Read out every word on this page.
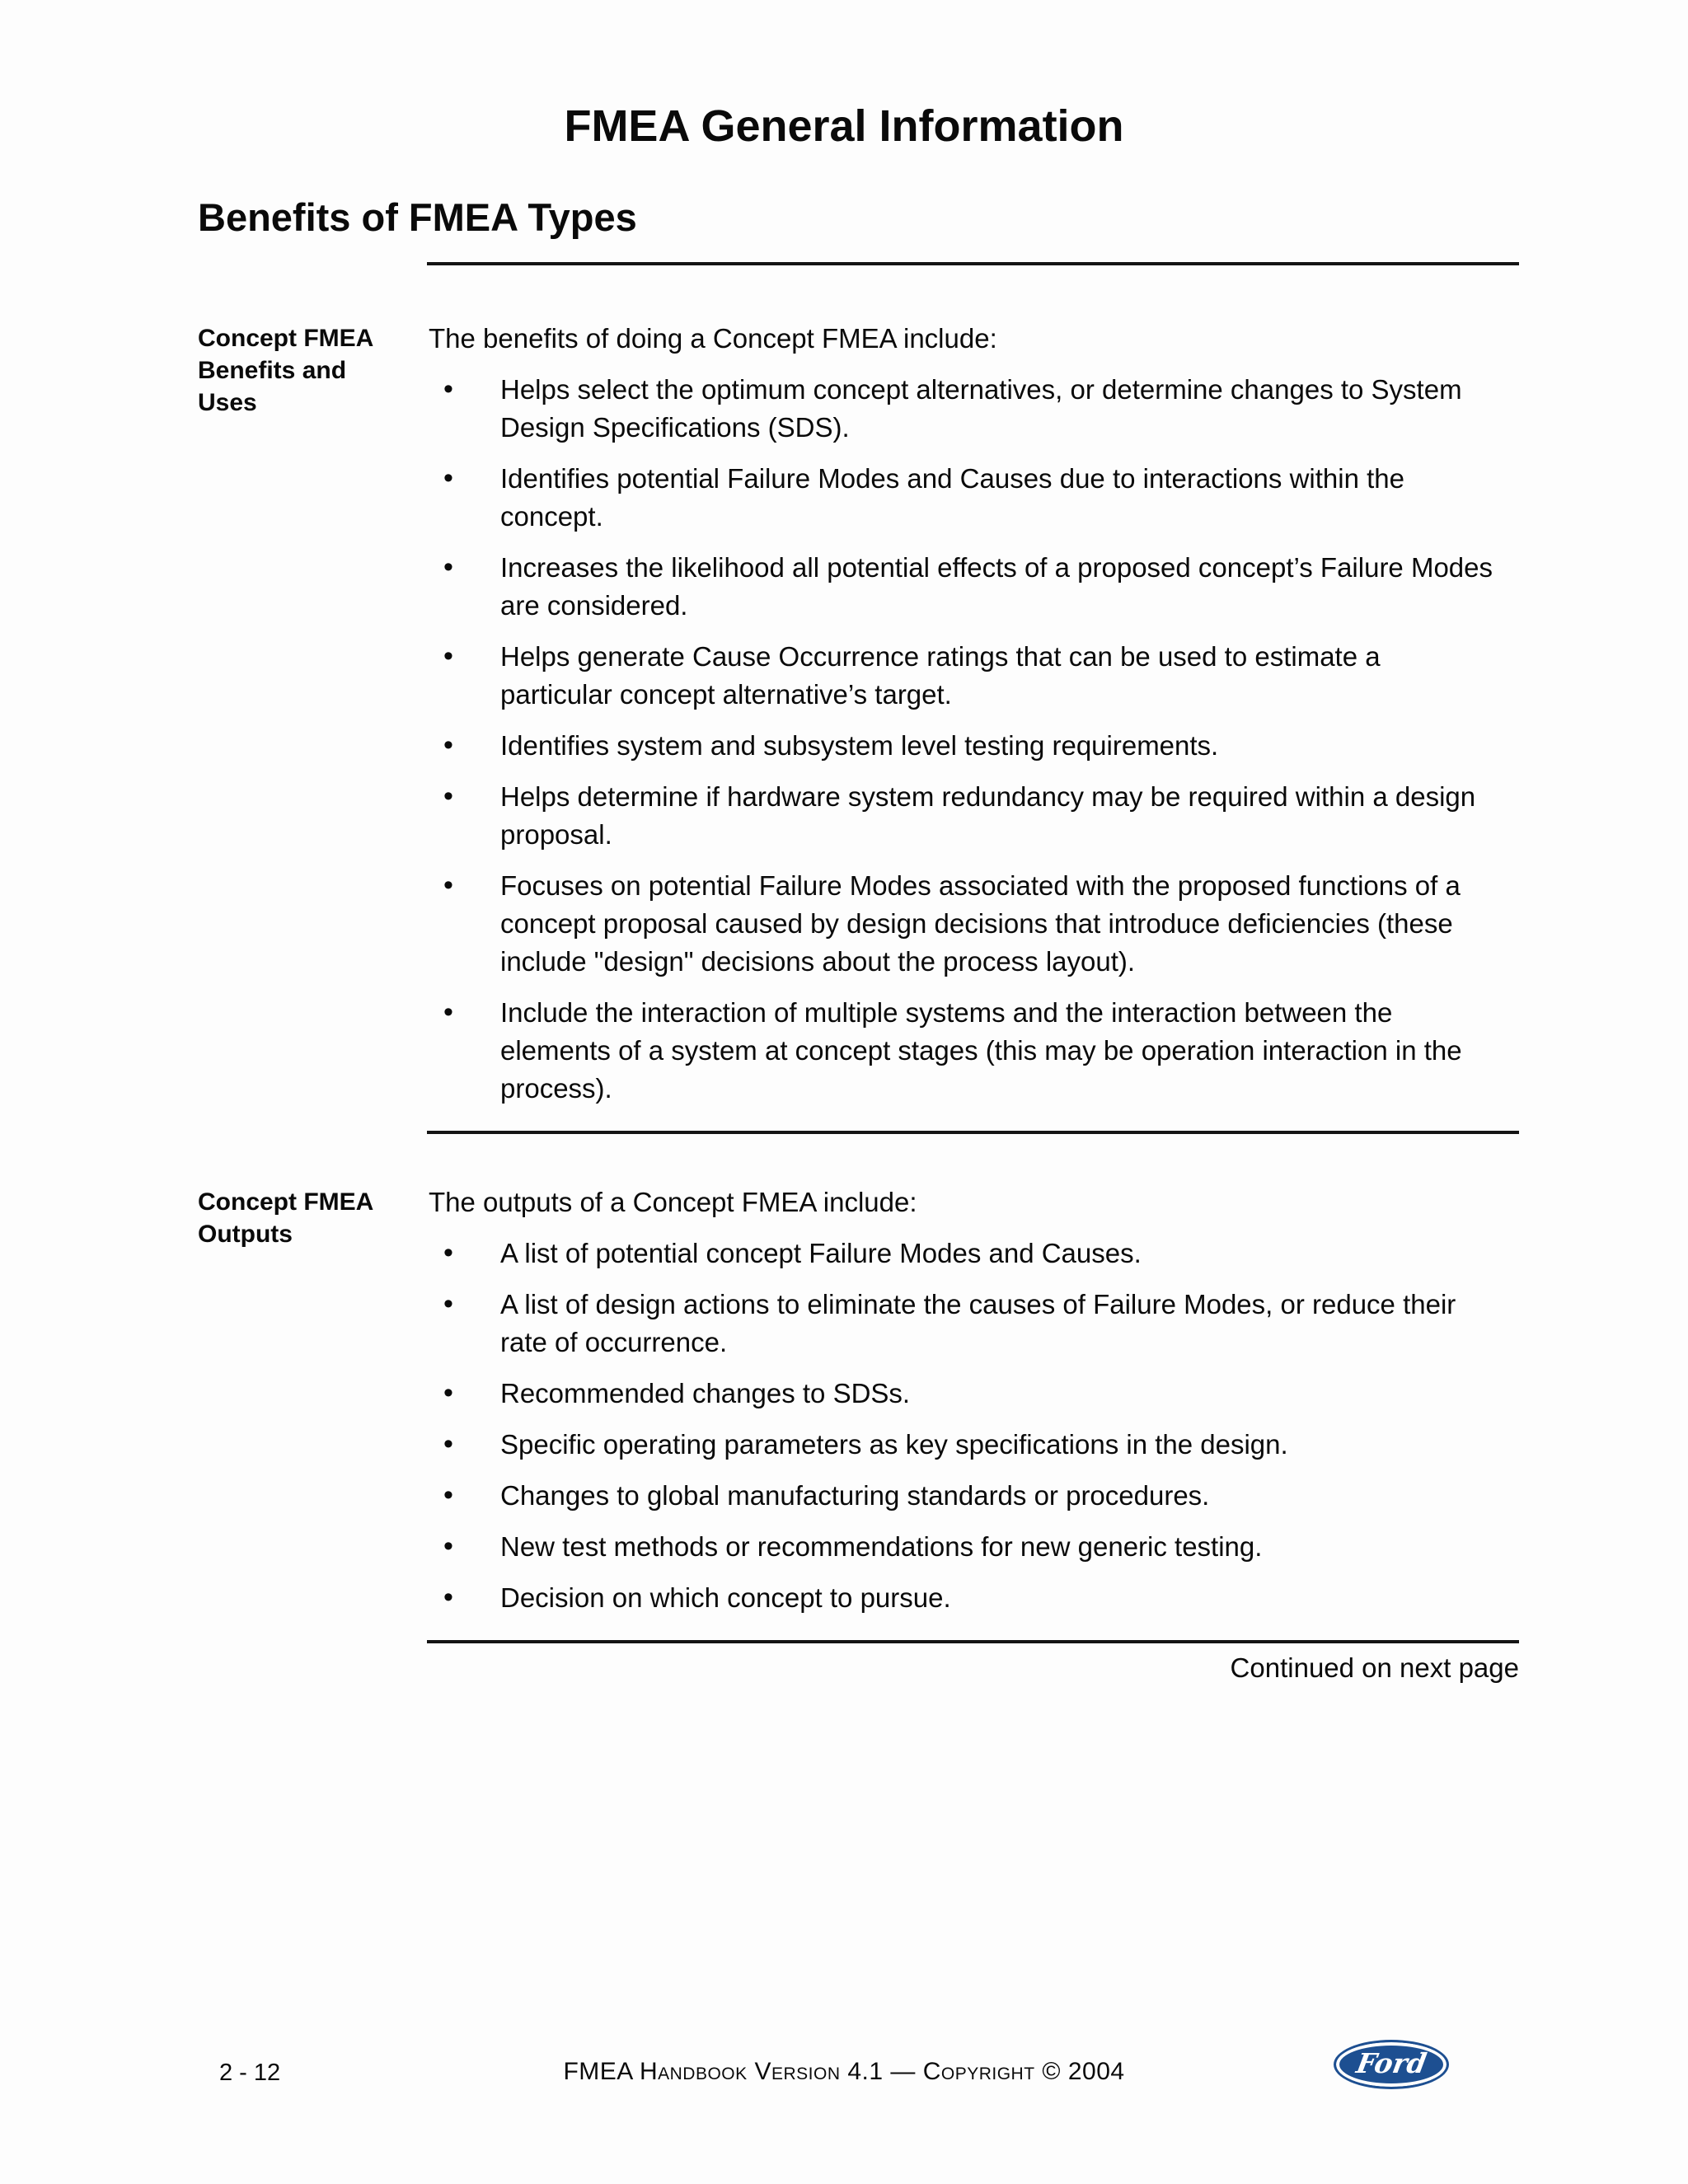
FMEA General Information
Benefits of FMEA Types
Concept FMEA
Benefits and
Uses
The benefits of doing a Concept FMEA include:
• Helps select the optimum concept alternatives, or determine changes to System Design Specifications (SDS).
• Identifies potential Failure Modes and Causes due to interactions within the concept.
• Increases the likelihood all potential effects of a proposed concept’s Failure Modes are considered.
• Helps generate Cause Occurrence ratings that can be used to estimate a particular concept alternative’s target.
• Identifies system and subsystem level testing requirements.
• Helps determine if hardware system redundancy may be required within a design proposal.
• Focuses on potential Failure Modes associated with the proposed functions of a concept proposal caused by design decisions that introduce deficiencies (these include "design" decisions about the process layout).
• Include the interaction of multiple systems and the interaction between the elements of a system at concept stages (this may be operation interaction in the process).
Concept FMEA
Outputs
The outputs of a Concept FMEA include:
• A list of potential concept Failure Modes and Causes.
• A list of design actions to eliminate the causes of Failure Modes, or reduce their rate of occurrence.
• Recommended changes to SDSs.
• Specific operating parameters as key specifications in the design.
• Changes to global manufacturing standards or procedures.
• New test methods or recommendations for new generic testing.
• Decision on which concept to pursue.
Continued on next page
2 - 12	FMEA Handbook Version 4.1 — Copyright © 2004	Ford
